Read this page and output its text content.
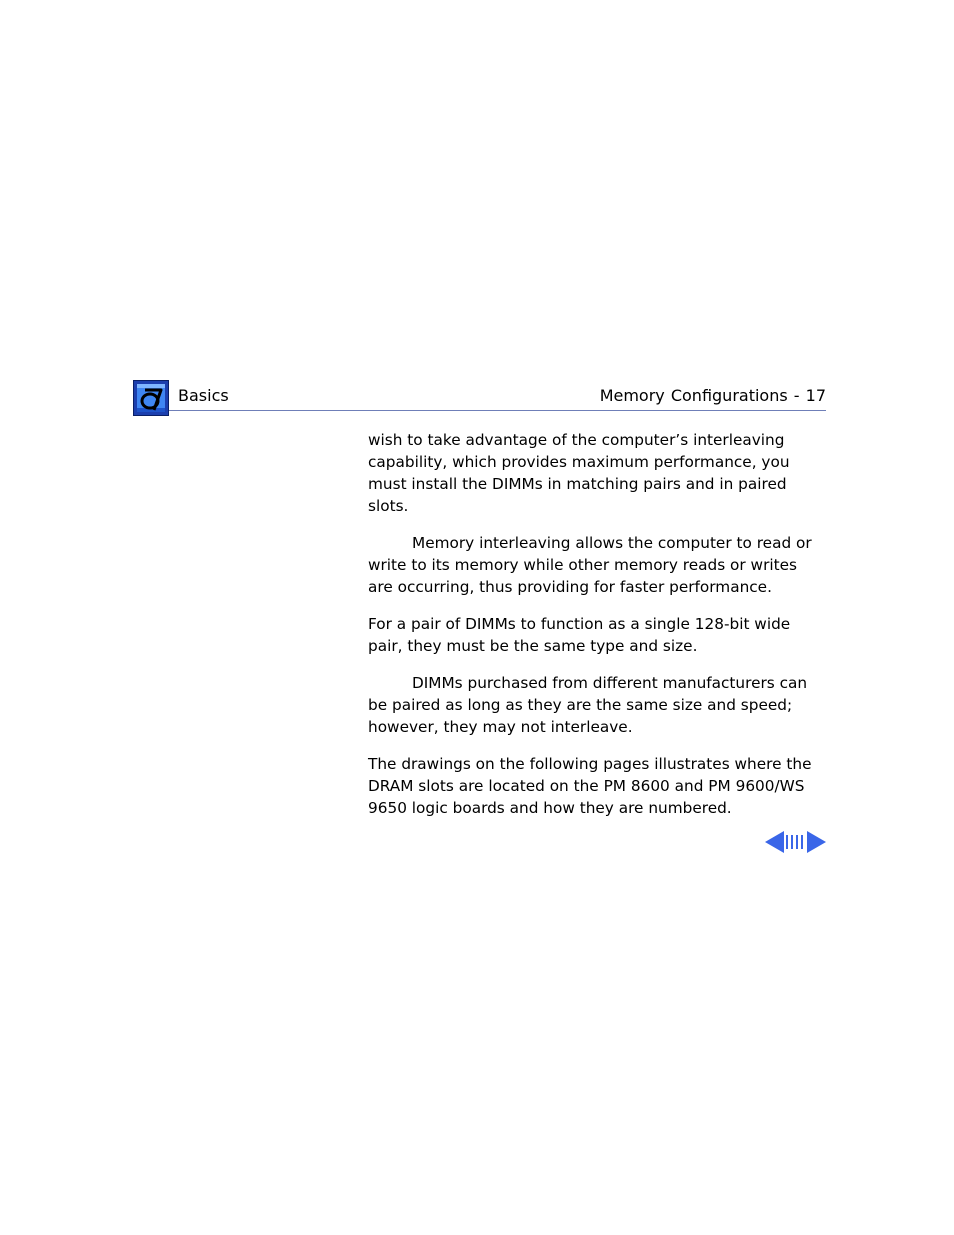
Basics	Memory Configurations - 17

wish to take advantage of the computer’s interleaving
capability, which provides maximum performance, you
must install the DIMMs in matching pairs and in paired
slots.

Memory interleaving allows the computer to read or
write to its memory while other memory reads or writes
are occurring, thus providing for faster performance.

For a pair of DIMMs to function as a single 128-bit wide
pair, they must be the same type and size.

DIMMs purchased from different manufacturers can
be paired as long as they are the same size and speed;
however, they may not interleave.

The drawings on the following pages illustrates where the
DRAM slots are located on the PM 8600 and PM 9600/WS
9650 logic boards and how they are numbered.
